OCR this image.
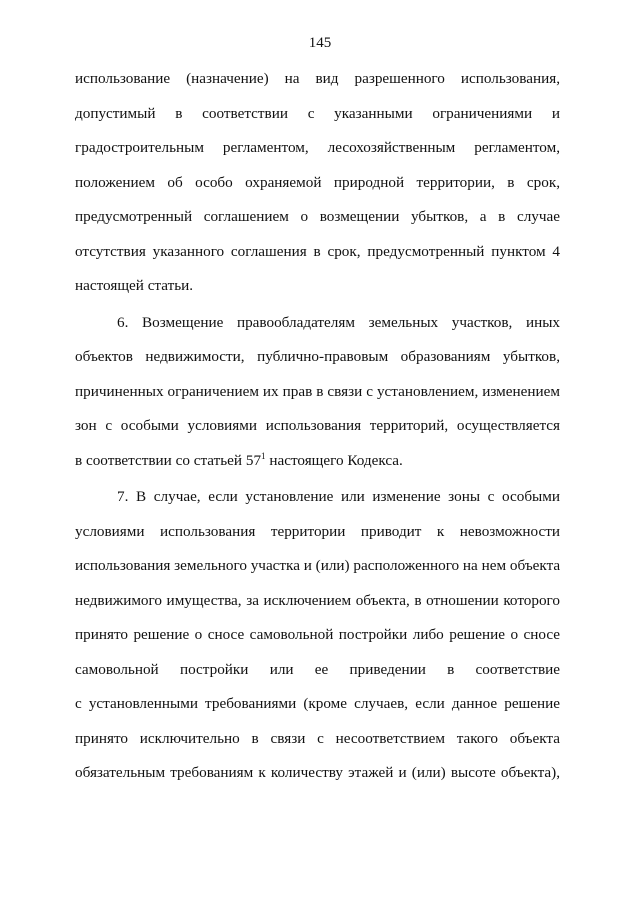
145
использование (назначение) на вид разрешенного использования,
допустимый в соответствии с указанными ограничениями и
градостроительным регламентом, лесохозяйственным регламентом,
положением об особо охраняемой природной территории, в срок,
предусмотренный соглашением о возмещении убытков, а в случае
отсутствия указанного соглашения в срок, предусмотренный пунктом 4
настоящей статьи.
6. Возмещение правообладателям земельных участков, иных
объектов недвижимости, публично-правовым образованиям убытков,
причиненных ограничением их прав в связи с установлением, изменением
зон с особыми условиями использования территорий, осуществляется
в соответствии со статьей $57^1$ настоящего Кодекса.
7. В случае, если установление или изменение зоны с особыми
условиями использования территории приводит к невозможности
использования земельного участка и (или) расположенного на нем объекта
недвижимого имущества, за исключением объекта, в отношении которого
принято решение о сносе самовольной постройки либо решение о сносе
самовольной постройки или ее приведении в соответствие
с установленными требованиями (кроме случаев, если данное решение
принято исключительно в связи с несоответствием такого объекта
обязательным требованиям к количеству этажей и (или) высоте объекта),
